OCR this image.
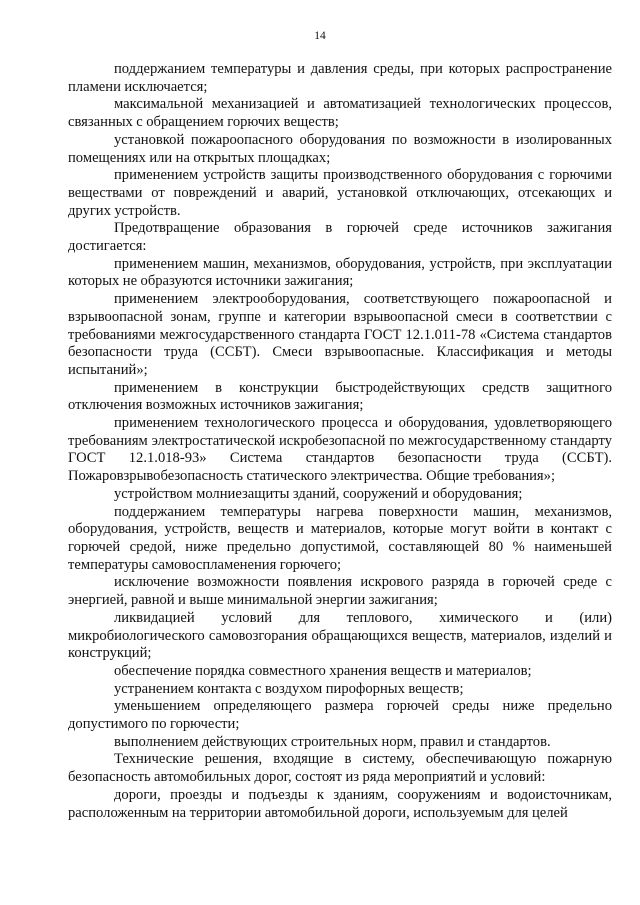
14

поддержанием температуры и давления среды, при которых распространение пламени исключается;

максимальной механизацией и автоматизацией технологических процессов, связанных с обращением горючих веществ;

установкой пожароопасного оборудования по возможности в изолированных помещениях или на открытых площадках;

применением устройств защиты производственного оборудования с горючими веществами от повреждений и аварий, установкой отключающих, отсекающих и других устройств.

Предотвращение образования в горючей среде источников зажигания достигается:

применением машин, механизмов, оборудования, устройств, при эксплуатации которых не образуются источники зажигания;

применением электрооборудования, соответствующего пожароопасной и взрывоопасной зонам, группе и категории взрывоопасной смеси в соответствии с требованиями межгосударственного стандарта ГОСТ 12.1.011-78 «Система стандартов безопасности труда (ССБТ). Смеси взрывоопасные. Классификация и методы испытаний»;

применением в конструкции быстродействующих средств защитного отключения возможных источников зажигания;

применением технологического процесса и оборудования, удовлетворяющего требованиям электростатической искробезопасной по межгосударственному стандарту ГОСТ 12.1.018-93» Система стандартов безопасности труда (ССБТ). Пожаровзрывобезопасность статического электричества. Общие требования»;

устройством молниезащиты зданий, сооружений и оборудования;

поддержанием температуры нагрева поверхности машин, механизмов, оборудования, устройств, веществ и материалов, которые могут войти в контакт с горючей средой, ниже предельно допустимой, составляющей 80 % наименьшей температуры самовоспламенения горючего;

исключение возможности появления искрового разряда в горючей среде с энергией, равной и выше минимальной энергии зажигания;

ликвидацией условий для теплового, химического и (или) микробиологического самовозгорания обращающихся веществ, материалов, изделий и конструкций;

обеспечение порядка совместного хранения веществ и материалов;

устранением контакта с воздухом пирофорных веществ;

уменьшением определяющего размера горючей среды ниже предельно допустимого по горючести;

выполнением действующих строительных норм, правил и стандартов.

Технические решения, входящие в систему, обеспечивающую пожарную безопасность автомобильных дорог, состоят из ряда мероприятий и условий:

дороги, проезды и подъезды к зданиям, сооружениям и водоисточникам, расположенным на территории автомобильной дороги, используемым для целей
